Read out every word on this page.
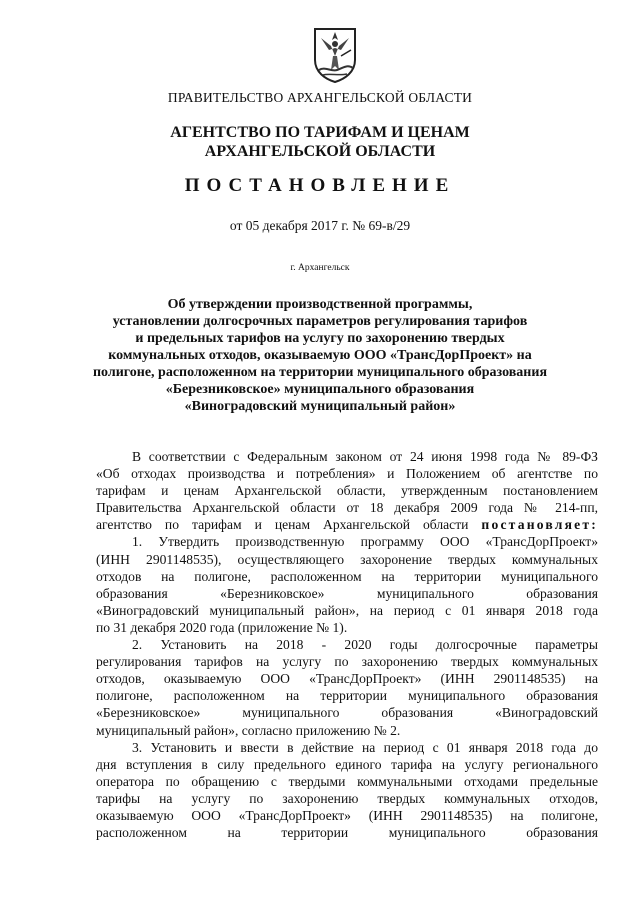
ПРАВИТЕЛЬСТВО АРХАНГЕЛЬСКОЙ ОБЛАСТИ
АГЕНТСТВО ПО ТАРИФАМ И ЦЕНАМ
АРХАНГЕЛЬСКОЙ ОБЛАСТИ
ПОСТАНОВЛЕНИЕ
от 05 декабря 2017 г. № 69-в/29
г. Архангельск
Об утверждении производственной программы,
установлении долгосрочных параметров регулирования тарифов
и предельных тарифов на услугу по захоронению твердых
коммунальных отходов, оказываемую ООО «ТрансДорПроект» на
полигоне, расположенном на территории муниципального образования
«Березниковское» муниципального образования
«Виноградовский муниципальный район»
В соответствии с Федеральным законом от 24 июня 1998 года № 89-ФЗ
«Об отходах производства и потребления» и Положением об агентстве по
тарифам и ценам Архангельской области, утвержденным постановлением
Правительства Архангельской области от 18 декабря 2009 года № 214-пп,
агентство по тарифам и ценам Архангельской области постановляет:
1. Утвердить производственную программу ООО «ТрансДорПроект»
(ИНН 2901148535), осуществляющего захоронение твердых коммунальных
отходов на полигоне, расположенном на территории муниципального
образования «Березниковское» муниципального образования
«Виноградовский муниципальный район», на период с 01 января 2018 года
по 31 декабря 2020 года (приложение № 1).
2. Установить на 2018 - 2020 годы долгосрочные параметры
регулирования тарифов на услугу по захоронению твердых коммунальных
отходов, оказываемую ООО «ТрансДорПроект» (ИНН 2901148535) на
полигоне, расположенном на территории муниципального образования
«Березниковское» муниципального образования «Виноградовский
муниципальный район», согласно приложению № 2.
3. Установить и ввести в действие на период с 01 января 2018 года до
дня вступления в силу предельного единого тарифа на услугу регионального
оператора по обращению с твердыми коммунальными отходами предельные
тарифы на услугу по захоронению твердых коммунальных отходов,
оказываемую ООО «ТрансДорПроект» (ИНН 2901148535) на полигоне,
расположенном на территории муниципального образования
